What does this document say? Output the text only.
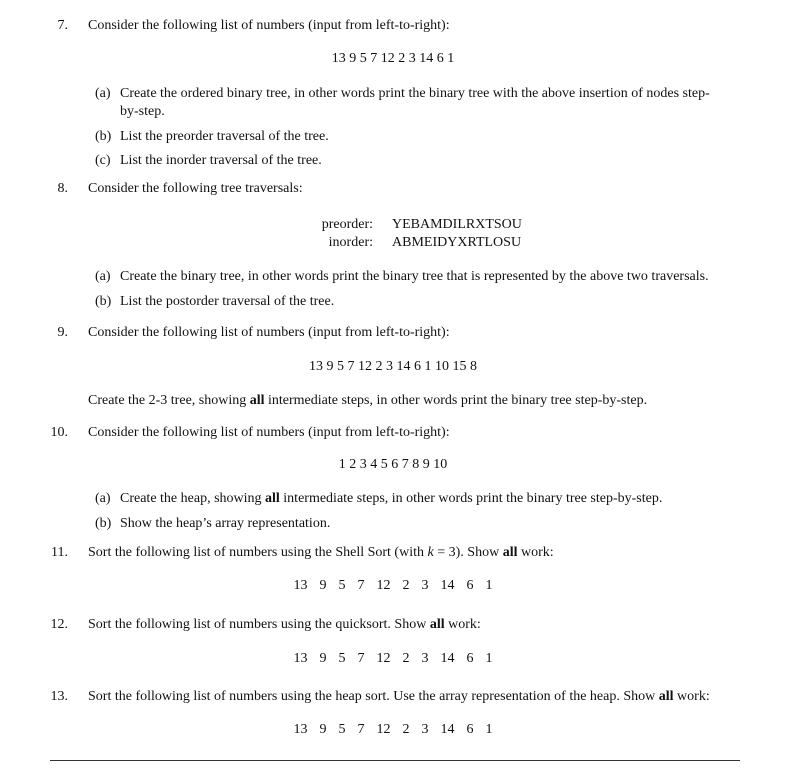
7. Consider the following list of numbers (input from left-to-right):
13 9 5 7 12 2 3 14 6 1
(a) Create the ordered binary tree, in other words print the binary tree with the above insertion of nodes step-
by-step.
(b) List the preorder traversal of the tree.
(c) List the inorder traversal of the tree.
8. Consider the following tree traversals:
preorder: YEBAMDILRXTSOU
inorder: ABMEIDYXRTLOSU
(a) Create the binary tree, in other words print the binary tree that is represented by the above two traversals.
(b) List the postorder traversal of the tree.
9. Consider the following list of numbers (input from left-to-right):
13 9 5 7 12 2 3 14 6 1 10 15 8
Create the 2-3 tree, showing all intermediate steps, in other words print the binary tree step-by-step.
10. Consider the following list of numbers (input from left-to-right):
1 2 3 4 5 6 7 8 9 10
(a) Create the heap, showing all intermediate steps, in other words print the binary tree step-by-step.
(b) Show the heap’s array representation.
11. Sort the following list of numbers using the Shell Sort (with k = 3). Show all work:
13 9 5 7 12 2 3 14 6 1
12. Sort the following list of numbers using the quicksort. Show all work:
13 9 5 7 12 2 3 14 6 1
13. Sort the following list of numbers using the heap sort. Use the array representation of the heap. Show all work:
13 9 5 7 12 2 3 14 6 1
